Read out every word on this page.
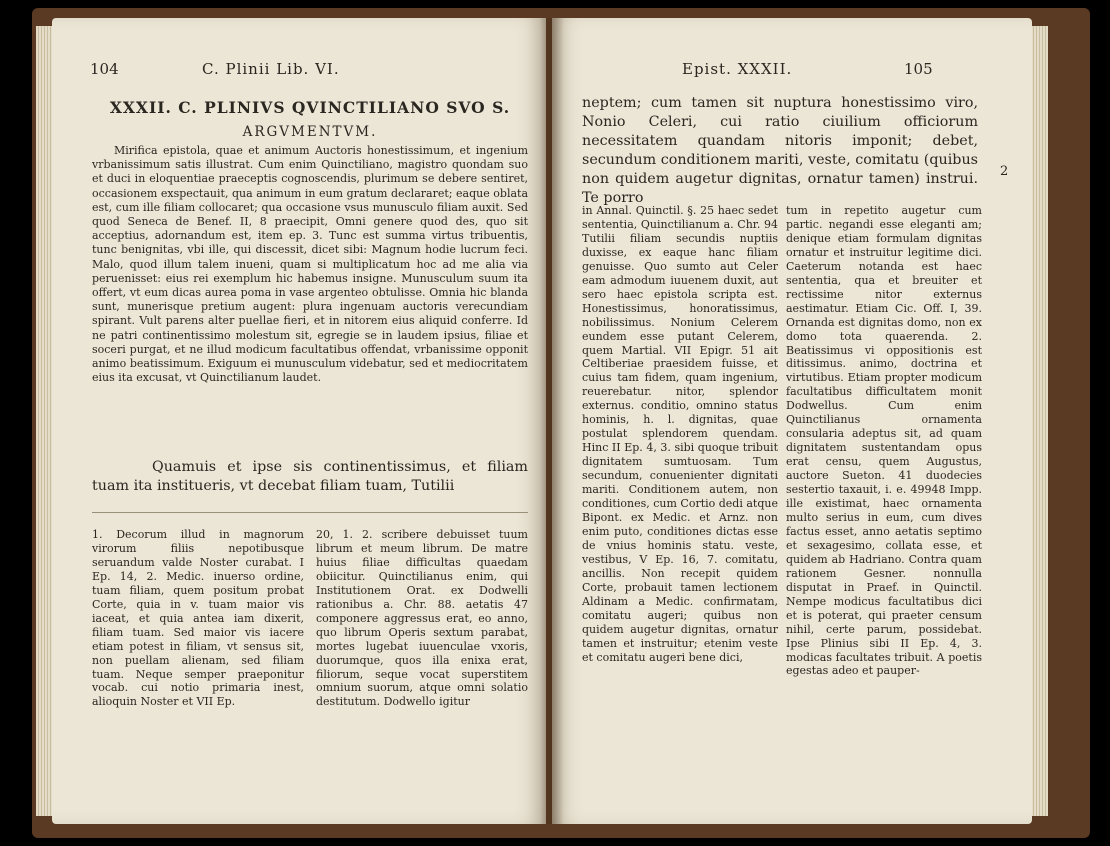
104	C. Plinii Lib. VI.
XXXII. C. PLINIVS QVINCTILIANO SVO S.
ARGVMENTVM.

Mirifica epistola, quae et animum Auctoris honestissimum, et ingenium vrbanissimum satis illustrat. Cum enim Quinctiliano, magistro quondam suo et duci in eloquentiae praeceptis cognoscendis, plurimum se debere sentiret, occasionem exspectauit, qua animum in eum gratum declararet; eaque oblata est, cum ille filiam collocaret; qua occasione vsus munusculo filiam auxit. Sed quod Seneca de Benef. II, 8 praecipit, Omni genere quod des, quo sit acceptius, adornandum est, item ep. 3. Tunc est summa virtus tribuentis, tunc benignitas, vbi ille, qui discessit, dicet sibi: Magnum hodie lucrum feci. Malo, quod illum talem inueni, quam si multiplicatum hoc ad me alia via peruenisset: eius rei exemplum hic habemus insigne. Munusculum suum ita offert, vt eum dicas aurea poma in vase argenteo obtulisse. Omnia hic blanda sunt, munerisque pretium augent: plura ingenuam auctoris verecundiam spirant. Vult parens alter puellae fieri, et in nitorem eius aliquid conferre. Id ne patri continentissimo molestum sit, egregie se in laudem ipsius, filiae et soceri purgat, et ne illud modicum facultatibus offendat, vrbanissime opponit animo beatissimum. Exiguum ei munusculum videbatur, sed et mediocritatem eius ita excusat, vt Quinctilianum laudet.

Quamuis et ipse sis continentissimus, et filiam tuam ita institueris, vt decebat filiam tuam, Tutilii

1. Decorum illud in magnorum virorum filiis nepotibusque seruandum valde Noster curabat. I Ep. 14, 2. Medic. inuerso ordine, tuam filiam, quem positum probat Corte, quia in v. tuam maior vis iaceat, et quia antea iam dixerit, filiam tuam. Sed maior vis iacere etiam potest in filiam, vt sensus sit, non puellam alienam, sed filiam tuam. Neque semper praeponitur vocab. cui notio primaria inest, alioquin Noster et VII Ep.

20, 1. 2. scribere debuisset tuum librum et meum librum. De matre huius filiae difficultas quaedam obiicitur. Quinctilianus enim, qui Institutionem Orat. ex Dodwelli rationibus a. Chr. 88. aetatis 47 componere aggressus erat, eo anno, quo librum Operis sextum parabat, mortes lugebat iuuenculae vxoris, duorumque, quos illa enixa erat, filiorum, seque vocat superstitem omnium suorum, atque omni solatio destitutum. Dodwello igitur

Epist. XXXII.	105

neptem; cum tamen sit nuptura honestissimo viro, Nonio Celeri, cui ratio ciuilium officiorum necessitatem quandam nitoris imponit; debet, secundum conditionem mariti, veste, comitatu (quibus non quidem augetur dignitas, ornatur tamen) instrui. Te porro

in Annal. Quinctil. §. 25 haec sedet sententia, Quinctilianum a. Chr. 94 Tutilii filiam secundis nuptiis duxisse, ex eaque hanc filiam genuisse. Quo sumto aut Celer eam admodum iuuenem duxit, aut sero haec epistola scripta est. Honestissimus, honoratissimus, nobilissimus. Nonium Celerem eundem esse putant Celerem, quem Martial. VII Epigr. 51 ait Celtiberiae praesidem fuisse, et cuius tam fidem, quam ingenium, reuerebatur. nitor, splendor externus. conditio, omnino status hominis, h. l. dignitas, quae postulat splendorem quendam. Hinc II Ep. 4, 3. sibi quoque tribuit dignitatem sumtuosam. Tum secundum, conuenienter dignitati mariti. Conditionem autem, non conditiones, cum Cortio dedi atque Bipont. ex Medic. et Arnz. non enim puto, conditiones dictas esse de vnius hominis statu. veste, vestibus, V Ep. 16, 7. comitatu, ancillis. Non recepit quidem Corte, probauit tamen lectionem Aldinam a Medic. confirmatam, comitatu augeri; quibus non quidem augetur dignitas, ornatur tamen et instruitur; etenim veste et comitatu augeri bene dici,

tum in repetito augetur cum partic. negandi esse eleganti am; denique etiam formulam dignitas ornatur et instruitur legitime dici. Caeterum notanda est haec sententia, qua et breuiter et rectissime nitor externus aestimatur. Etiam Cic. Off. I, 39. Ornanda est dignitas domo, non ex domo tota quaerenda. 2. Beatissimus vi oppositionis est ditissimus. animo, doctrina et virtutibus. Etiam propter modicum facultatibus difficultatem monit Dodwellus. Cum enim Quinctilianus ornamenta consularia adeptus sit, ad quam dignitatem sustentandam opus erat censu, quem Augustus, auctore Sueton. 41 duodecies sestertio taxauit, i. e. 49948 Impp. ille existimat, haec ornamenta multo serius in eum, cum dives factus esset, anno aetatis septimo et sexagesimo, collata esse, et quidem ab Hadriano. Contra quam rationem Gesner. nonnulla disputat in Praef. in Quinctil. Nempe modicus facultatibus dici et is poterat, qui praeter censum nihil, certe parum, possidebat. Ipse Plinius sibi II Ep. 4, 3. modicas facultates tribuit. A poetis egestas adeo et pauper-

2
